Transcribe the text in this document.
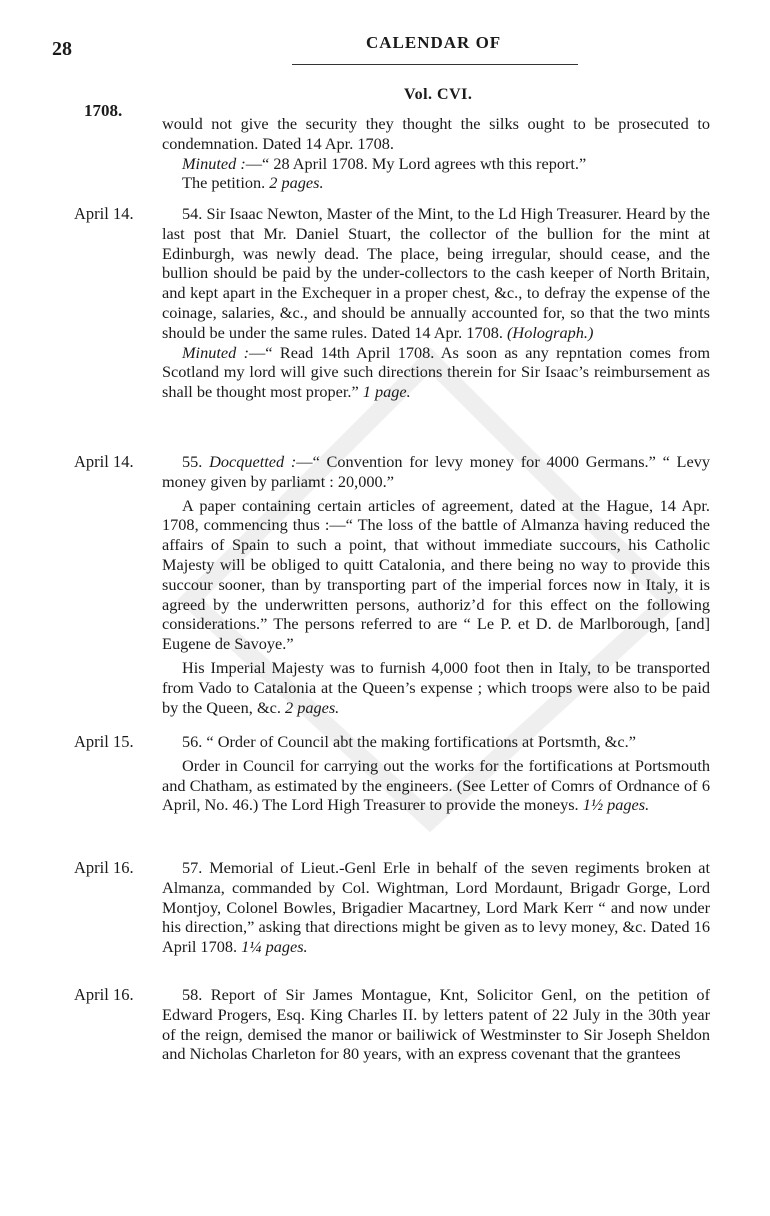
28	CALENDAR OF
Vol. CVI.
1708.

would not give the security they thought the silks ought to be prosecuted to condemnation. Dated 14 Apr. 1708.

Minuted :—“ 28 April 1708. My Lord agrees wth this report.”

The petition. 2 pages.

April 14.	54. Sir Isaac Newton, Master of the Mint, to the Ld High Treasurer. Heard by the last post that Mr. Daniel Stuart, the collector of the bullion for the mint at Edinburgh, was newly dead. The place, being irregular, should cease, and the bullion should be paid by the under-collectors to the cash keeper of North Britain, and kept apart in the Exchequer in a proper chest, &c., to defray the expense of the coinage, salaries, &c., and should be annually accounted for, so that the two mints should be under the same rules. Dated 14 Apr. 1708. (Holograph.)

Minuted :—“ Read 14th April 1708. As soon as any repntation comes from Scotland my lord will give such directions therein for Sir Isaac’s reimbursement as shall be thought most proper.” 1 page.

April 14.	55. Docquetted :—“ Convention for levy money for 4000 Germans.” “ Levy money given by parliamt : 20,000.”

A paper containing certain articles of agreement, dated at the Hague, 14 Apr. 1708, commencing thus :—“ The loss of the battle of Almanza having reduced the affairs of Spain to such a point, that without immediate succours, his Catholic Majesty will be obliged to quitt Catalonia, and there being no way to provide this succour sooner, than by transporting part of the imperial forces now in Italy, it is agreed by the underwritten persons, authoriz’d for this effect on the following considerations.” The persons referred to are “ Le P. et D. de Marlborough, [and] Eugene de Savoye.”

His Imperial Majesty was to furnish 4,000 foot then in Italy, to be transported from Vado to Catalonia at the Queen’s expense ; which troops were also to be paid by the Queen, &c. 2 pages.

April 15.	56. “ Order of Council abt the making fortifications at Portsmth, &c.”

Order in Council for carrying out the works for the fortifications at Portsmouth and Chatham, as estimated by the engineers. (See Letter of Comrs of Ordnance of 6 April, No. 46.) The Lord High Treasurer to provide the moneys. 1½ pages.

April 16.	57. Memorial of Lieut.-Genl Erle in behalf of the seven regiments broken at Almanza, commanded by Col. Wightman, Lord Mordaunt, Brigadr Gorge, Lord Montjoy, Colonel Bowles, Brigadier Macartney, Lord Mark Kerr “ and now under his direction,” asking that directions might be given as to levy money, &c. Dated 16 April 1708. 1¼ pages.

April 16.	58. Report of Sir James Montague, Knt, Solicitor Genl, on the petition of Edward Progers, Esq. King Charles II. by letters patent of 22 July in the 30th year of the reign, demised the manor or bailiwick of Westminster to Sir Joseph Sheldon and Nicholas Charleton for 80 years, with an express covenant that the grantees
